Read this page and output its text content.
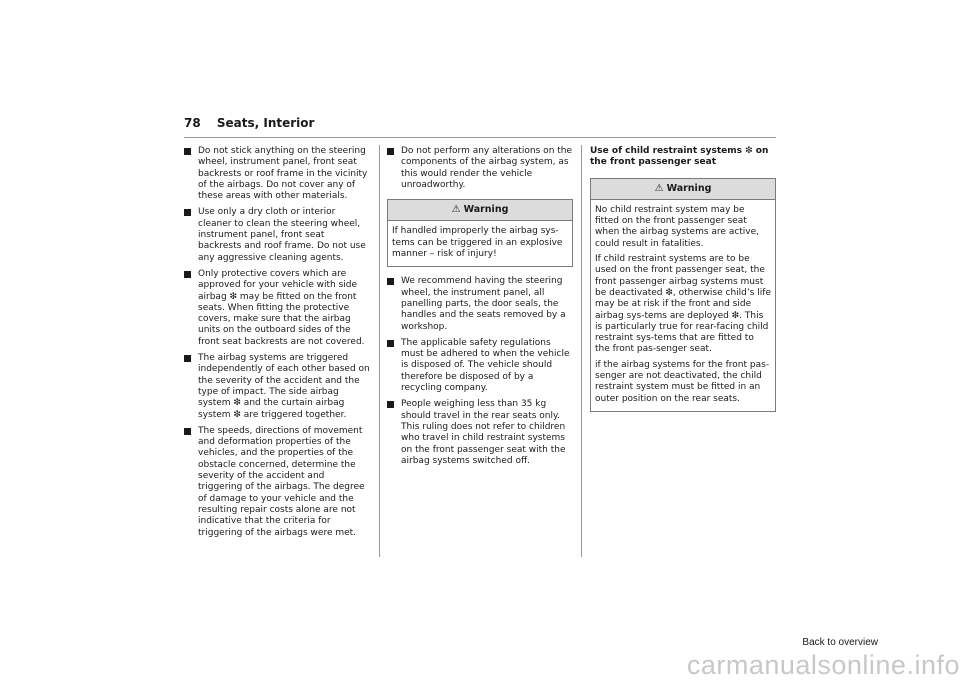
78 Seats, Interior
Do not stick anything on the steering wheel, instrument panel, front seat backrests or roof frame in the vicinity of the airbags. Do not cover any of these areas with other materials.
Use only a dry cloth or interior cleaner to clean the steering wheel, instrument panel, front seat backrests and roof frame. Do not use any aggressive cleaning agents.
Only protective covers which are approved for your vehicle with side airbag ❇ may be fitted on the front seats. When fitting the protective covers, make sure that the airbag units on the outboard sides of the front seat backrests are not covered.
The airbag systems are triggered independently of each other based on the severity of the accident and the type of impact. The side airbag system ❇ and the curtain airbag system ❇ are triggered together.
The speeds, directions of movement and deformation properties of the vehicles, and the properties of the obstacle concerned, determine the severity of the accident and triggering of the airbags. The degree of damage to your vehicle and the resulting repair costs alone are not indicative that the criteria for triggering of the airbags were met.
Do not perform any alterations on the components of the airbag system, as this would render the vehicle unroadworthy.
⚠ Warning

If handled improperly the airbag sys-tems can be triggered in an explosive manner – risk of injury!

We recommend having the steering wheel, the instrument panel, all panelling parts, the door seals, the handles and the seats removed by a workshop.
The applicable safety regulations must be adhered to when the vehicle is disposed of. The vehicle should therefore be disposed of by a recycling company.
People weighing less than 35 kg should travel in the rear seats only. This ruling does not refer to children who travel in child restraint systems on the front passenger seat with the airbag systems switched off.

Use of child restraint systems ❇ on the front passenger seat

⚠ Warning

No child restraint system may be fitted on the front passenger seat when the airbag systems are active, could result in fatalities.

If child restraint systems are to be used on the front passenger seat, the front passenger airbag systems must be deactivated ❇, otherwise child’s life may be at risk if the front and side airbag sys-tems are deployed ❇. This is particularly true for rear-facing child restraint sys-tems that are fitted to the front pas-senger seat.

if the airbag systems for the front pas-senger are not deactivated, the child restraint system must be fitted in an outer position on the rear seats.

Back to overview
carmanualsonline.info
